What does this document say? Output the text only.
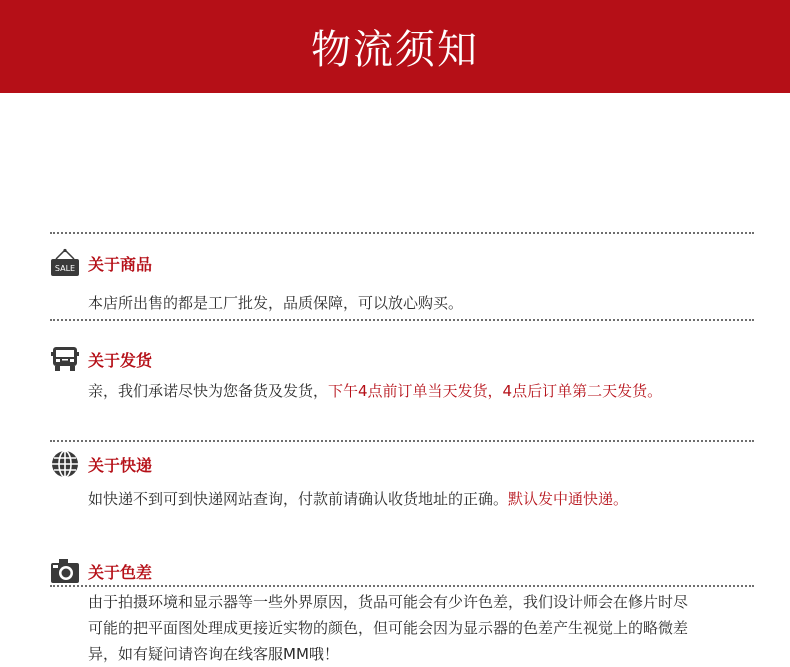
物流须知
SALE 关于商品
本店所出售的都是工厂批发，品质保障，可以放心购买。
关于发货
亲，我们承诺尽快为您备货及发货，下午4点前订单当天发货，4点后订单第二天发货。
关于快递
如快递不到可到快递网站查询，付款前请确认收货地址的正确。默认发中通快递。
关于色差
由于拍摄环境和显示器等一些外界原因，货品可能会有少许色差，我们设计师会在修片时尽
可能的把平面图处理成更接近实物的颜色，但可能会因为显示器的色差产生视觉上的略微差
异，如有疑问请咨询在线客服MM哦！
